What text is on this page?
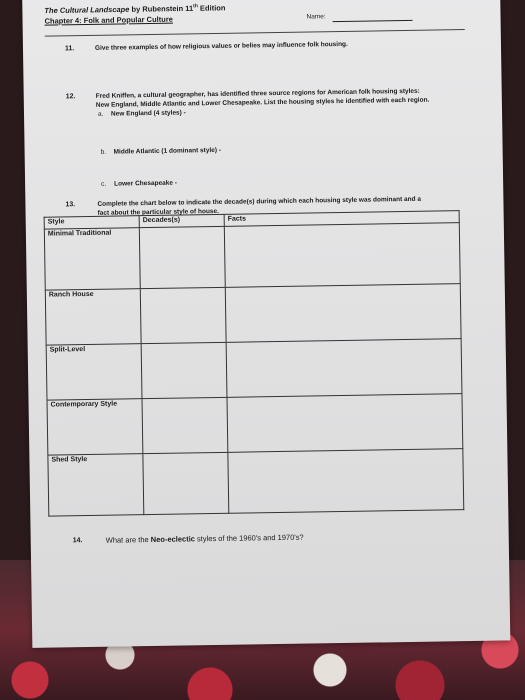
The Cultural Landscape by Rubenstein 11th Edition
Chapter 4: Folk and Popular Culture	Name:
11.	Give three examples of how religious values or belies may influence folk housing.
12.	Fred Kniffen, a cultural geographer, has identified three source regions for American folk housing styles:
New England, Middle Atlantic and Lower Chesapeake. List the housing styles he identified with each region.
a. New England (4 styles) -
b. Middle Atlantic (1 dominant style) -
c. Lower Chesapeake -
13.	Complete the chart below to indicate the decade(s) during which each housing style was dominant and a
fact about the particular style of house.
Style	Decades(s)	Facts
Minimal Traditional		
Ranch House		
Split-Level		
Contemporary Style		
Shed Style		
14.	What are the Neo-eclectic styles of the 1960's and 1970's?
